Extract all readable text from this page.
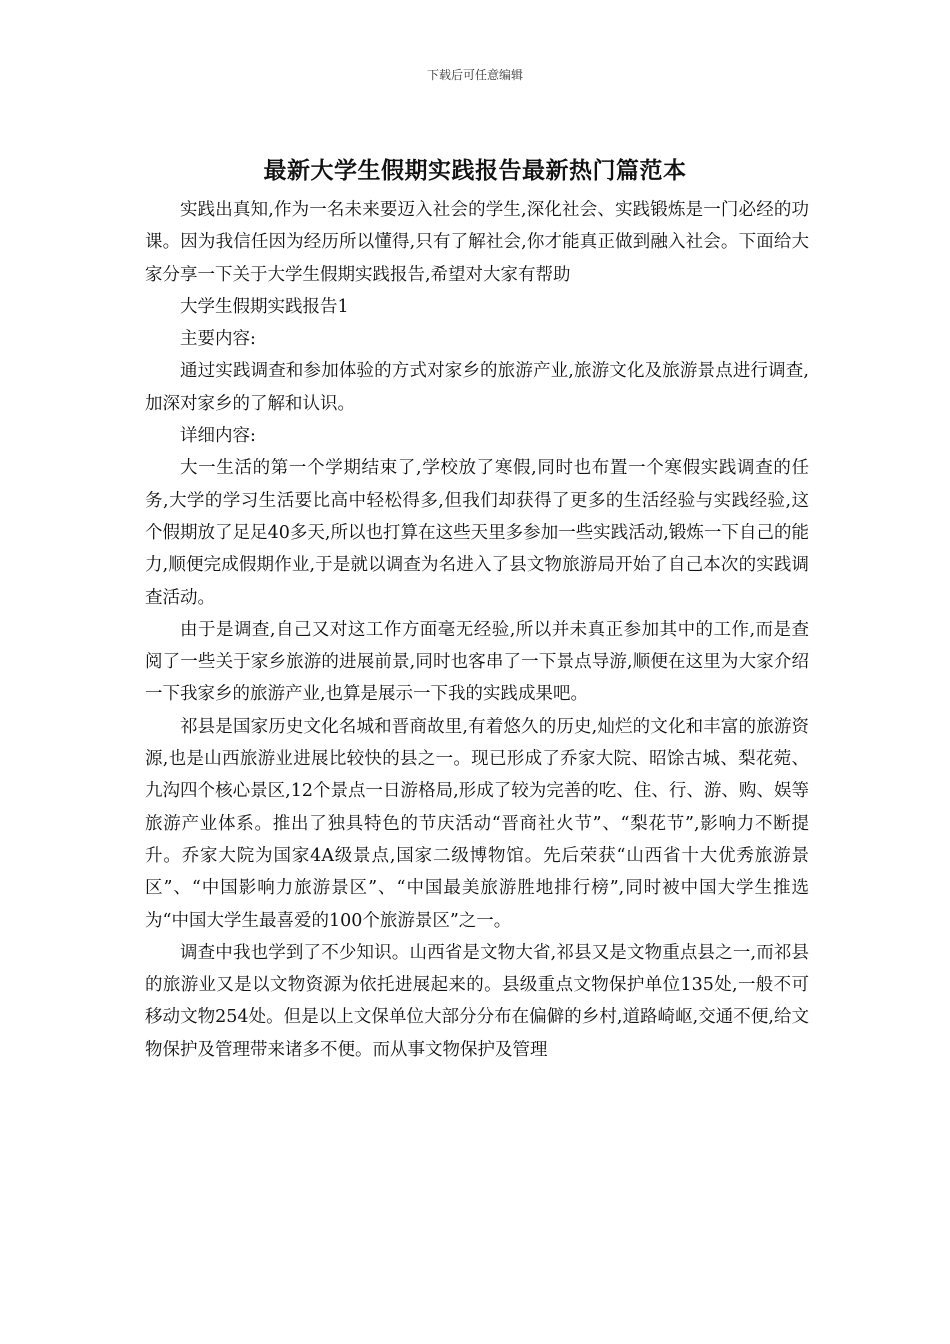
下载后可任意编辑
最新大学生假期实践报告最新热门篇范本

实践出真知,作为一名未来要迈入社会的学生,深化社会、实践锻炼是一门必经的功课。因为我信任因为经历所以懂得,只有了解社会,你才能真正做到融入社会。下面给大家分享一下关于大学生假期实践报告,希望对大家有帮助

大学生假期实践报告1

主要内容:

通过实践调查和参加体验的方式对家乡的旅游产业,旅游文化及旅游景点进行调查,加深对家乡的了解和认识。

详细内容:

大一生活的第一个学期结束了,学校放了寒假,同时也布置一个寒假实践调查的任务,大学的学习生活要比高中轻松得多,但我们却获得了更多的生活经验与实践经验,这个假期放了足足40多天,所以也打算在这些天里多参加一些实践活动,锻炼一下自己的能力,顺便完成假期作业,于是就以调查为名进入了县文物旅游局开始了自己本次的实践调查活动。

由于是调查,自己又对这工作方面毫无经验,所以并未真正参加其中的工作,而是查阅了一些关于家乡旅游的进展前景,同时也客串了一下景点导游,顺便在这里为大家介绍一下我家乡的旅游产业,也算是展示一下我的实践成果吧。

祁县是国家历史文化名城和晋商故里,有着悠久的历史,灿烂的文化和丰富的旅游资源,也是山西旅游业进展比较快的县之一。现已形成了乔家大院、昭馀古城、梨花菀、九沟四个核心景区,12个景点一日游格局,形成了较为完善的吃、住、行、游、购、娱等旅游产业体系。推出了独具特色的节庆活动“晋商社火节”、“梨花节”,影响力不断提升。乔家大院为国家4A级景点,国家二级博物馆。先后荣获“山西省十大优秀旅游景区”、“中国影响力旅游景区”、“中国最美旅游胜地排行榜”,同时被中国大学生推选为“中国大学生最喜爱的100个旅游景区”之一。

调查中我也学到了不少知识。山西省是文物大省,祁县又是文物重点县之一,而祁县的旅游业又是以文物资源为依托进展起来的。县级重点文物保护单位135处,一般不可移动文物254处。但是以上文保单位大部分分布在偏僻的乡村,道路崎岖,交通不便,给文物保护及管理带来诸多不便。而从事文物保护及管理
